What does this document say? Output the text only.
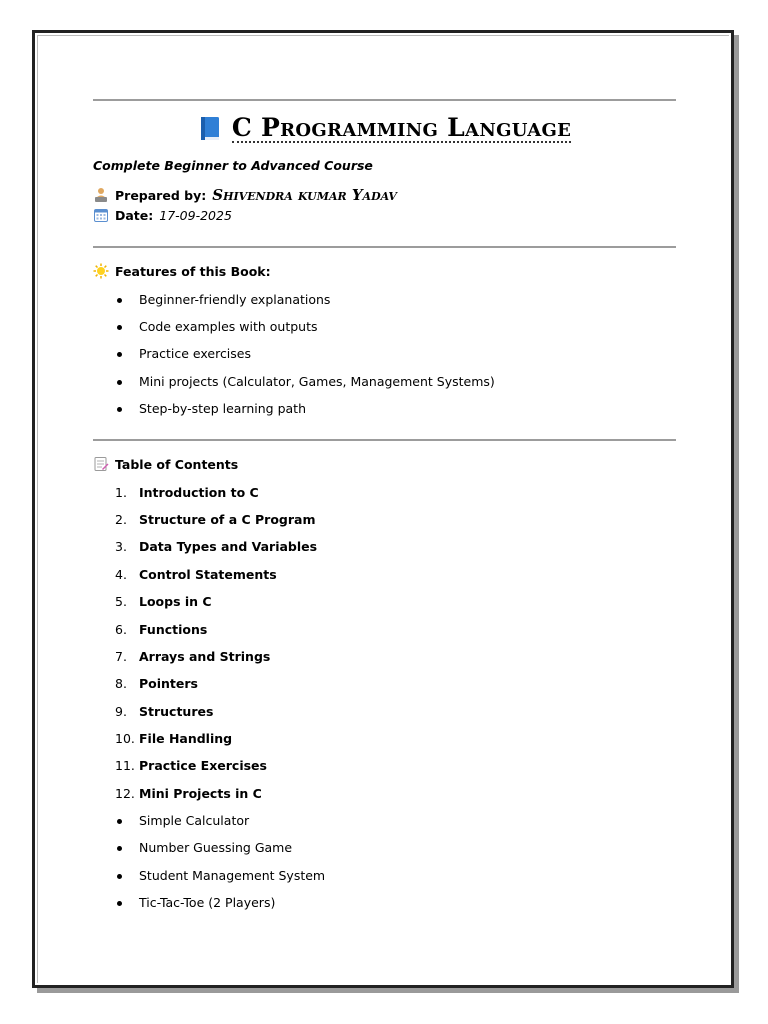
C Programming Language
Complete Beginner to Advanced Course
Prepared by: Shivendra kumar Yadav
Date: 17-09-2025
Features of this Book:
Beginner-friendly explanations
Code examples with outputs
Practice exercises
Mini projects (Calculator, Games, Management Systems)
Step-by-step learning path
Table of Contents
1. Introduction to C
2. Structure of a C Program
3. Data Types and Variables
4. Control Statements
5. Loops in C
6. Functions
7. Arrays and Strings
8. Pointers
9. Structures
10. File Handling
11. Practice Exercises
12. Mini Projects in C
Simple Calculator
Number Guessing Game
Student Management System
Tic-Tac-Toe (2 Players)
